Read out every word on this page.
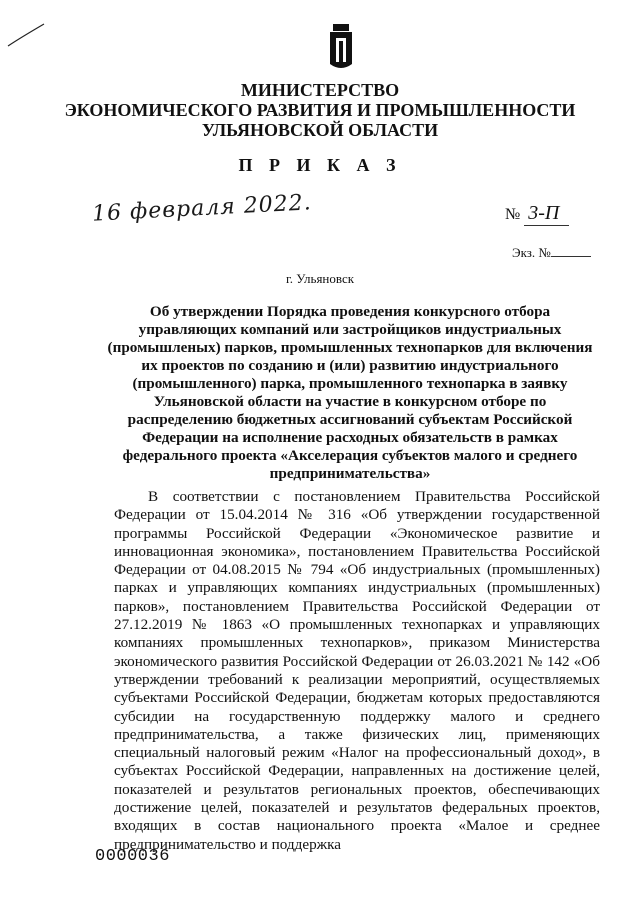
МИНИСТЕРСТВО
ЭКОНОМИЧЕСКОГО РАЗВИТИЯ И ПРОМЫШЛЕННОСТИ
УЛЬЯНОВСКОЙ ОБЛАСТИ
П Р И К А З
16 февраля 2022.	№ 3-П
Экз. №
г. Ульяновск
Об утверждении Порядка проведения конкурсного отбора управляющих компаний или застройщиков индустриальных (промышленых) парков, промышленных технопарков для включения их проектов по созданию и (или) развитию индустриального (промышленного) парка, промышленного технопарка в заявку Ульяновской области на участие в конкурсном отборе по распределению бюджетных ассигнований субъектам Российской Федерации на исполнение расходных обязательств в рамках федерального проекта «Акселерация субъектов малого и среднего предпринимательства»
В соответствии с постановлением Правительства Российской Федерации от 15.04.2014 № 316 «Об утверждении государственной программы Российской Федерации «Экономическое развитие и инновационная экономика», постановлением Правительства Российской Федерации от 04.08.2015 № 794 «Об индустриальных (промышленных) парках и управляющих компаниях индустриальных (промышленных) парков», постановлением Правительства Российской Федерации от 27.12.2019 № 1863 «О промышленных технопарках и управляющих компаниях промышленных технопарков», приказом Министерства экономического развития Российской Федерации от 26.03.2021 № 142 «Об утверждении требований к реализации мероприятий, осуществляемых субъектами Российской Федерации, бюджетам которых предоставляются субсидии на государственную поддержку малого и среднего предпринимательства, а также физических лиц, применяющих специальный налоговый режим «Налог на профессиональный доход», в субъектах Российской Федерации, направленных на достижение целей, показателей и результатов региональных проектов, обеспечивающих достижение целей, показателей и результатов федеральных проектов, входящих в состав национального проекта «Малое и среднее предпринимательство и поддержка
0000036
